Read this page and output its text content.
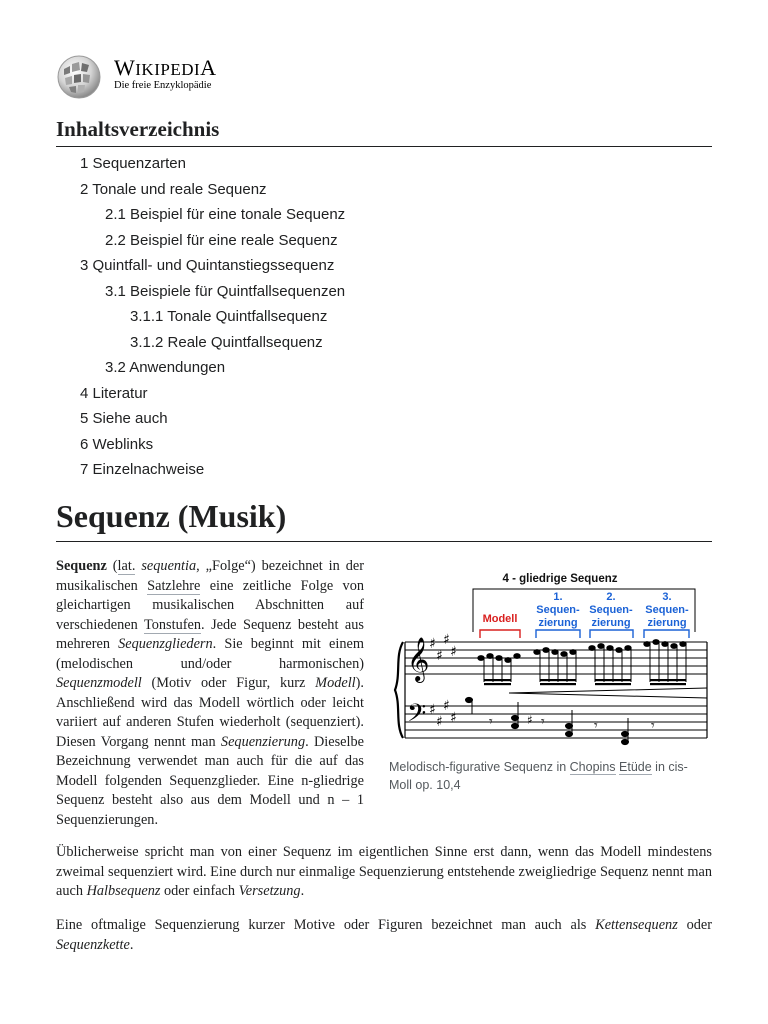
WIKIPEDIA
Die freie Enzyklopädie
Inhaltsverzeichnis
1 Sequenzarten
2 Tonale und reale Sequenz
2.1 Beispiel für eine tonale Sequenz
2.2 Beispiel für eine reale Sequenz
3 Quintfall- und Quintanstiegssequenz
3.1 Beispiele für Quintfallsequenzen
3.1.1 Tonale Quintfallsequenz
3.1.2 Reale Quintfallsequenz
3.2 Anwendungen
4 Literatur
5 Siehe auch
6 Weblinks
7 Einzelnachweise
Sequenz (Musik)

Sequenz (lat. sequentia, „Folge“) bezeichnet in der musikalischen Satzlehre eine zeitliche Folge von gleichartigen musikalischen Abschnitten auf verschiedenen Tonstufen. Jede Sequenz besteht aus mehreren Sequenzgliedern. Sie beginnt mit einem (melodischen und/oder harmonischen) Sequenzmodell (Motiv oder Figur, kurz Modell). Anschließend wird das Modell wörtlich oder leicht variiert auf anderen Stufen wiederholt (sequenziert). Diesen Vorgang nennt man Sequenzierung. Dieselbe Bezeichnung verwendet man auch für die auf das Modell folgenden Sequenzglieder. Eine n-gliedrige Sequenz besteht also aus dem Modell und n – 1 Sequenzierungen.

4 - gliedrige Sequenz
Modell
1.
Sequen-
zierung
2.
Sequen-
zierung
3.
Sequen-
zierung
𝄞
𝄢
♯
♯
♯
♯
♯
♯
♯
♯ 𝄾	♯ 𝄾	𝄾	𝄾
Melodisch-figurative Sequenz in Chopins Etüde in cis-Moll op. 10,4

Üblicherweise spricht man von einer Sequenz im eigentlichen Sinne erst dann, wenn das Modell mindestens zweimal sequenziert wird. Eine durch nur einmalige Sequenzierung entstehende zweigliedrige Sequenz nennt man auch Halbsequenz oder einfach Versetzung.

Eine oftmalige Sequenzierung kurzer Motive oder Figuren bezeichnet man auch als Kettensequenz oder Sequenzkette.
